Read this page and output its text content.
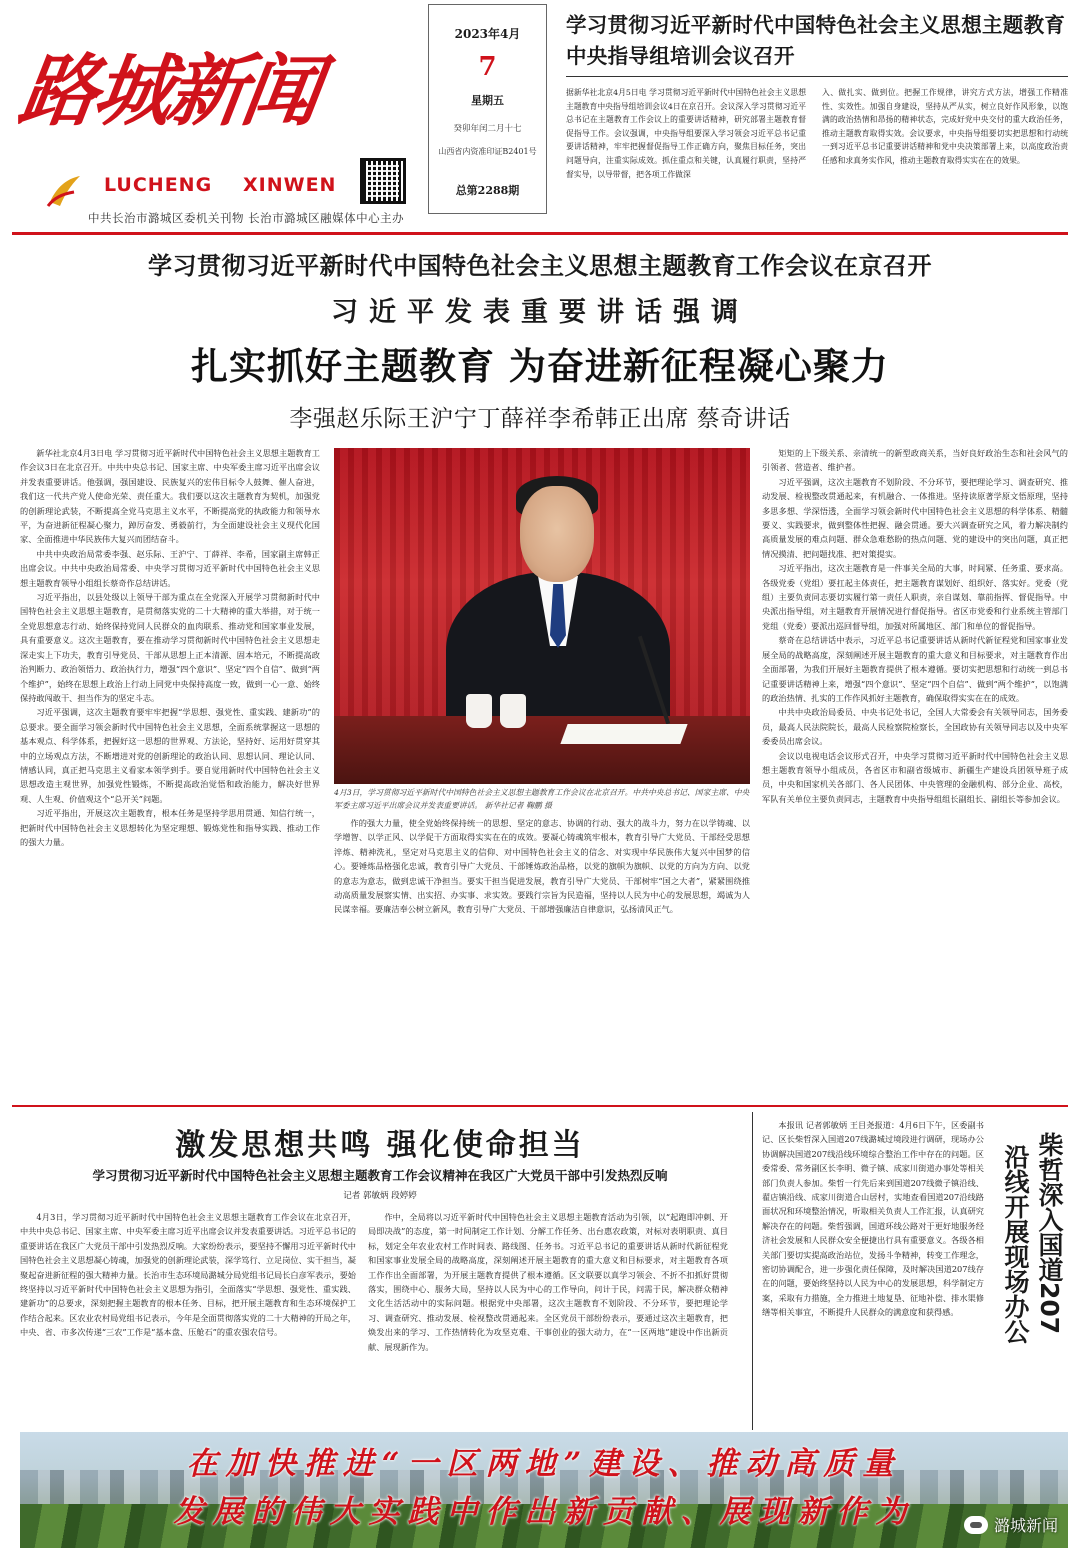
路城新闻
LUCHENG XINWEN
中共长治市潞城区委机关刊物 长治市潞城区融媒体中心主办
2023年4月
7
星期五
癸卯年闰二月十七
山西省内资准印证B2401号
总第2288期
学习贯彻习近平新时代中国特色社会主义思想主题教育中央指导组培训会议召开
据新华社北京4月5日电 学习贯彻习近平新时代中国特色社会主义思想主题教育中央指导组培训会议4日在京召开。会议深入学习贯彻习近平总书记在主题教育工作会议上的重要讲话精神，研究部署主题教育督促指导工作。会议强调，中央指导组要深入学习领会习近平总书记重要讲话精神，牢牢把握督促指导工作正确方向，聚焦目标任务，突出问题导向，注重实际成效。抓住重点和关键，认真履行职责，坚持严督实导，以导带督，把各项工作做深
入、做扎实、做到位。把握工作规律，讲究方式方法，增强工作精准性、实效性。加强自身建设，坚持从严从实，树立良好作风形象，以饱满的政治热情和昂扬的精神状态，完成好党中央交付的重大政治任务，推动主题教育取得实效。会议要求，中央指导组要切实把思想和行动统一到习近平总书记重要讲话精神和党中央决策部署上来，以高度政治责任感和求真务实作风，推动主题教育取得实实在在的效果。
学习贯彻习近平新时代中国特色社会主义思想主题教育工作会议在京召开
习近平发表重要讲话强调
扎实抓好主题教育 为奋进新征程凝心聚力
李强赵乐际王沪宁丁薛祥李希韩正出席 蔡奇讲话

新华社北京4月3日电 学习贯彻习近平新时代中国特色社会主义思想主题教育工作会议3日在北京召开。中共中央总书记、国家主席、中央军委主席习近平出席会议并发表重要讲话。他强调，强国建设、民族复兴的宏伟目标令人鼓舞、催人奋进，我们这一代共产党人使命光荣、责任重大。我们要以这次主题教育为契机，加强党的创新理论武装，不断提高全党马克思主义水平，不断提高党的执政能力和领导水平，为奋进新征程凝心聚力，踔厉奋发、勇毅前行，为全面建设社会主义现代化国家、全面推进中华民族伟大复兴而团结奋斗。

中共中央政治局常委李强、赵乐际、王沪宁、丁薛祥、李希，国家副主席韩正出席会议。中共中央政治局常委、中央学习贯彻习近平新时代中国特色社会主义思想主题教育领导小组组长蔡奇作总结讲话。

习近平指出，以县处级以上领导干部为重点在全党深入开展学习贯彻新时代中国特色社会主义思想主题教育，是贯彻落实党的二十大精神的重大举措，对于统一全党思想意志行动、始终保持党同人民群众的血肉联系、推动党和国家事业发展，具有重要意义。这次主题教育，要在推动学习贯彻新时代中国特色社会主义思想走深走实上下功夫，教育引导党员、干部从思想上正本清源、固本培元，不断提高政治判断力、政治领悟力、政治执行力，增强“四个意识”、坚定“四个自信”、做到“两个维护”，始终在思想上政治上行动上同党中央保持高度一致，做到一心一意、始终保持敢闯敢干、担当作为的坚定斗志。

习近平强调，这次主题教育要牢牢把握“学思想、强党性、重实践、建新功”的总要求。要全面学习领会新时代中国特色社会主义思想，全面系统掌握这一思想的基本观点、科学体系，把握好这一思想的世界观、方法论，坚持好、运用好贯穿其中的立场观点方法，不断增进对党的创新理论的政治认同、思想认同、理论认同、情感认同，真正把马克思主义看家本领学到手。要自觉用新时代中国特色社会主义思想改造主观世界，加强党性锻炼，不断提高政治觉悟和政治能力，解决好世界观、人生观、价值观这个“总开关”问题。

习近平指出，开展这次主题教育，根本任务是坚持学思用贯通、知信行统一，把新时代中国特色社会主义思想转化为坚定理想、锻炼党性和指导实践、推动工作的强大力量。

4月3日，学习贯彻习近平新时代中国特色社会主义思想主题教育工作会议在北京召开。中共中央总书记、国家主席、中央军委主席习近平出席会议并发表重要讲话。 新华社记者 鞠鹏 摄

作的强大力量，使全党始终保持统一的思想、坚定的意志、协调的行动、强大的战斗力，努力在以学铸魂、以学增智、以学正风、以学促干方面取得实实在在的成效。要凝心铸魂筑牢根本，教育引导广大党员、干部经受思想淬炼、精神洗礼，坚定对马克思主义的信仰、对中国特色社会主义的信念、对实现中华民族伟大复兴中国梦的信心。要锤炼品格强化忠诚，教育引导广大党员、干部锤炼政治品格，以党的旗帜为旗帜、以党的方向为方向、以党的意志为意志，做到忠诚干净担当。要实干担当促进发展，教育引导广大党员、干部树牢“国之大者”，紧紧围绕推动高质量发展察实情、出实招、办实事、求实效。要践行宗旨为民造福，坚持以人民为中心的发展思想，竭诚为人民谋幸福。要廉洁奉公树立新风，教育引导广大党员、干部增强廉洁自律意识，弘扬清风正气。

矩矩的上下级关系、亲清统一的新型政商关系，当好良好政治生态和社会风气的引领者、营造者、维护者。

习近平强调，这次主题教育不划阶段、不分环节，要把理论学习、调查研究、推动发展、检视整改贯通起来，有机融合、一体推进。坚持读原著学原文悟原理，坚持多思多想、学深悟透，全面学习领会新时代中国特色社会主义思想的科学体系、精髓要义、实践要求，做到整体性把握、融会贯通。要大兴调查研究之风，着力解决制约高质量发展的难点问题、群众急难愁盼的热点问题、党的建设中的突出问题，真正把情况摸清、把问题找准、把对策提实。

习近平指出，这次主题教育是一件事关全局的大事，时间紧、任务重、要求高。各级党委（党组）要扛起主体责任，把主题教育谋划好、组织好、落实好。党委（党组）主要负责同志要切实履行第一责任人职责，亲自谋划、靠前指挥、督促指导。中央派出指导组，对主题教育开展情况进行督促指导。省区市党委和行业系统主管部门党组（党委）要派出巡回督导组，加强对所属地区、部门和单位的督促指导。

蔡奇在总结讲话中表示，习近平总书记重要讲话从新时代新征程党和国家事业发展全局的战略高度，深刻阐述开展主题教育的重大意义和目标要求，对主题教育作出全面部署，为我们开展好主题教育提供了根本遵循。要切实把思想和行动统一到总书记重要讲话精神上来，增强“四个意识”、坚定“四个自信”、做到“两个维护”，以饱满的政治热情、扎实的工作作风抓好主题教育，确保取得实实在在的成效。

中共中央政治局委员、中央书记处书记，全国人大常委会有关领导同志，国务委员，最高人民法院院长，最高人民检察院检察长，全国政协有关领导同志以及中央军委委员出席会议。

会议以电视电话会议形式召开，中央学习贯彻习近平新时代中国特色社会主义思想主题教育领导小组成员，各省区市和副省级城市、新疆生产建设兵团领导班子成员，中央和国家机关各部门、各人民团体、中央管理的金融机构、部分企业、高校，军队有关单位主要负责同志，主题教育中央指导组组长副组长、副组长等参加会议。

激发思想共鸣 强化使命担当
学习贯彻习近平新时代中国特色社会主义思想主题教育工作会议精神在我区广大党员干部中引发热烈反响
记者 郭敏炳 段婷婷

4月3日，学习贯彻习近平新时代中国特色社会主义思想主题教育工作会议在北京召开，中共中央总书记、国家主席、中央军委主席习近平出席会议并发表重要讲话。习近平总书记的重要讲话在我区广大党员干部中引发热烈反响。大家纷纷表示，要坚持不懈用习近平新时代中国特色社会主义思想凝心铸魂，加强党的创新理论武装，深学笃行、立足岗位、实干担当，凝聚起奋进新征程的强大精神力量。长治市生态环境局潞城分局党组书记局长白彦军表示，要始终坚持以习近平新时代中国特色社会主义思想为指引，全面落实“学思想、强党性、重实践、建新功”的总要求，深刻把握主题教育的根本任务、目标，把开展主题教育和生态环境保护工作结合起来。区农业农村局党组书记表示，今年是全面贯彻落实党的二十大精神的开局之年，中央、省、市多次传递“三农”工作是“基本盘、压舱石”的重农强农信号。

作中，全局将以习近平新时代中国特色社会主义思想主题教育活动为引领，以“起跑即冲刺、开局即决战”的态度，第一时间制定工作计划、分解工作任务、出台惠农政策，对标对表明职责、真目标，划定全年农业农村工作时间表、路线图、任务书。习近平总书记的重要讲话从新时代新征程党和国家事业发展全局的战略高度，深刻阐述开展主题教育的重大意义和目标要求，对主题教育各项工作作出全面部署，为开展主题教育提供了根本遵循。区文联要以真学习领会、不折不扣抓好贯彻落实，围绕中心、服务大局，坚持以人民为中心的工作导向，问计于民，问需于民，解决群众精神文化生活活动中的实际问题。根据党中央部署，这次主题教育不划阶段、不分环节，要把理论学习、调查研究、推动发展、检视整改贯通起来。全区党员干部纷纷表示，要通过这次主题教育，把焕发出来的学习、工作热情转化为攻坚克难、干事创业的强大动力，在“一区两地”建设中作出新贡献、展现新作为。

本报讯 记者郭敏炳 王目尧报道：4月6日下午，区委副书记、区长柴哲深入国道207线潞城过境段进行调研，现场办公协调解决国道207线沿线环境综合整治工作中存在的问题。区委常委、常务副区长李明、微子镇、成家川街道办事处等相关部门负责人参加。柴哲一行先后来到国道207线微子镇沿线、翟店镇沿线、成家川街道合山居村，实地查看国道207沿线路面状况和环境整治情况，听取相关负责人工作汇报，认真研究解决存在的问题。柴哲强调，国道环线公路对于更好地服务经济社会发展和人民群众安全便捷出行具有重要意义。各级各相关部门要切实提高政治站位，发扬斗争精神，转变工作理念，密切协调配合，进一步强化责任保障，及时解决国道207线存在的问题，要始终坚持以人民为中心的发展思想，科学制定方案，采取有力措施，全力推进土地复垦、征地补偿、排水渠修缮等相关事宜，不断提升人民群众的满意度和获得感。	柴哲深入国道207
沿线开展现场办公
在加快推进“一区两地”建设、推动高质量
发展的伟大实践中作出新贡献、展现新作为	潞城新闻
